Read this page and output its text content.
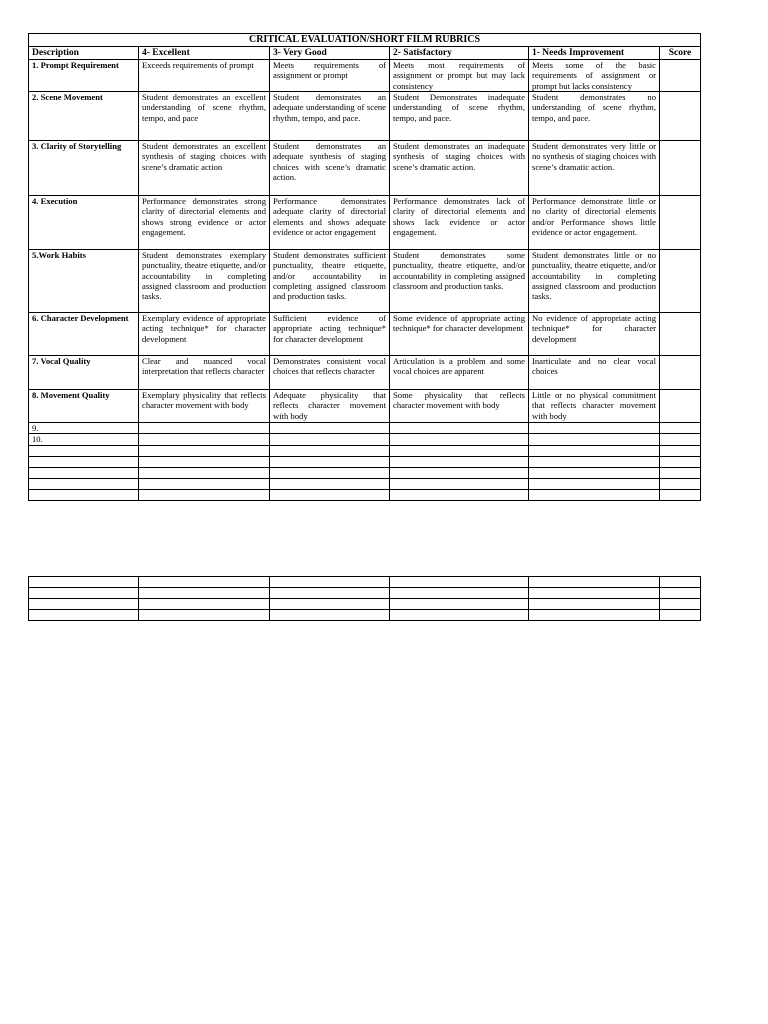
CRITICAL EVALUATION/SHORT FILM RUBRICS					
Description	4- Excellent	3- Very Good	2- Satisfactory	1- Needs Improvement	Score
1. Prompt Requirement	Exceeds requirements of prompt	Meets requirements of assignment or prompt	Meets most requirements of assignment or prompt but may lack consistency	Meets some of the basic requirements of assignment or prompt but lacks consistency	
2. Scene Movement	Student demonstrates an excellent understanding of scene rhythm, tempo, and pace	Student demonstrates an adequate understanding of scene rhythm, tempo, and pace.	Student Demonstrates inadequate understanding of scene rhythm, tempo, and pace.	Student demonstrates no understanding of scene rhythm, tempo, and pace.	
3. Clarity of Storytelling	Student demonstrates an excellent synthesis of staging choices with scene’s dramatic action	Student demonstrates an adequate synthesis of staging choices with scene’s dramatic action.	Student demonstrates an inadequate synthesis of staging choices with scene’s dramatic action.	Student demonstrates very little or no synthesis of staging choices with scene’s dramatic action.	
4. Execution	Performance demonstrates strong clarity of directorial elements and shows strong evidence or actor engagement.	Performance demonstrates adequate clarity of directorial elements and shows adequate evidence or actor engagement	Performance demonstrates lack of clarity of directorial elements and shows lack evidence or actor engagement.	Performance demonstrate little or no clarity of directorial elements and/or Performance shows little evidence or actor engagement.	
5.Work Habits	Student demonstrates exemplary punctuality, theatre etiquette, and/or accountability in completing assigned classroom and production tasks.	Student demonstrates sufficient punctuality, theatre etiquette, and/or accountability in completing assigned classroom and production tasks.	Student demonstrates some punctuality, theatre etiquette, and/or accountability in completing assigned classroom and production tasks.	Student demonstrates little or no punctuality, theatre etiquette, and/or accountability in completing assigned classroom and production tasks.	
6. Character Development	Exemplary evidence of appropriate acting technique* for character development	Sufficient evidence of appropriate acting technique* for character development	Some evidence of appropriate acting technique* for character development	No evidence of appropriate acting technique* for character development	
7. Vocal Quality	Clear and nuanced vocal interpretation that reflects character	Demonstrates consistent vocal choices that reflects character	Articulation is a problem and some vocal choices are apparent	Inarticulate and no clear vocal choices	
8. Movement Quality	Exemplary physicality that reflects character movement with body	Adequate physicality that reflects character movement with body	Some physicality that reflects character movement with body	Little or no physical commitment that reflects character movement with body	
9.					
10.					
